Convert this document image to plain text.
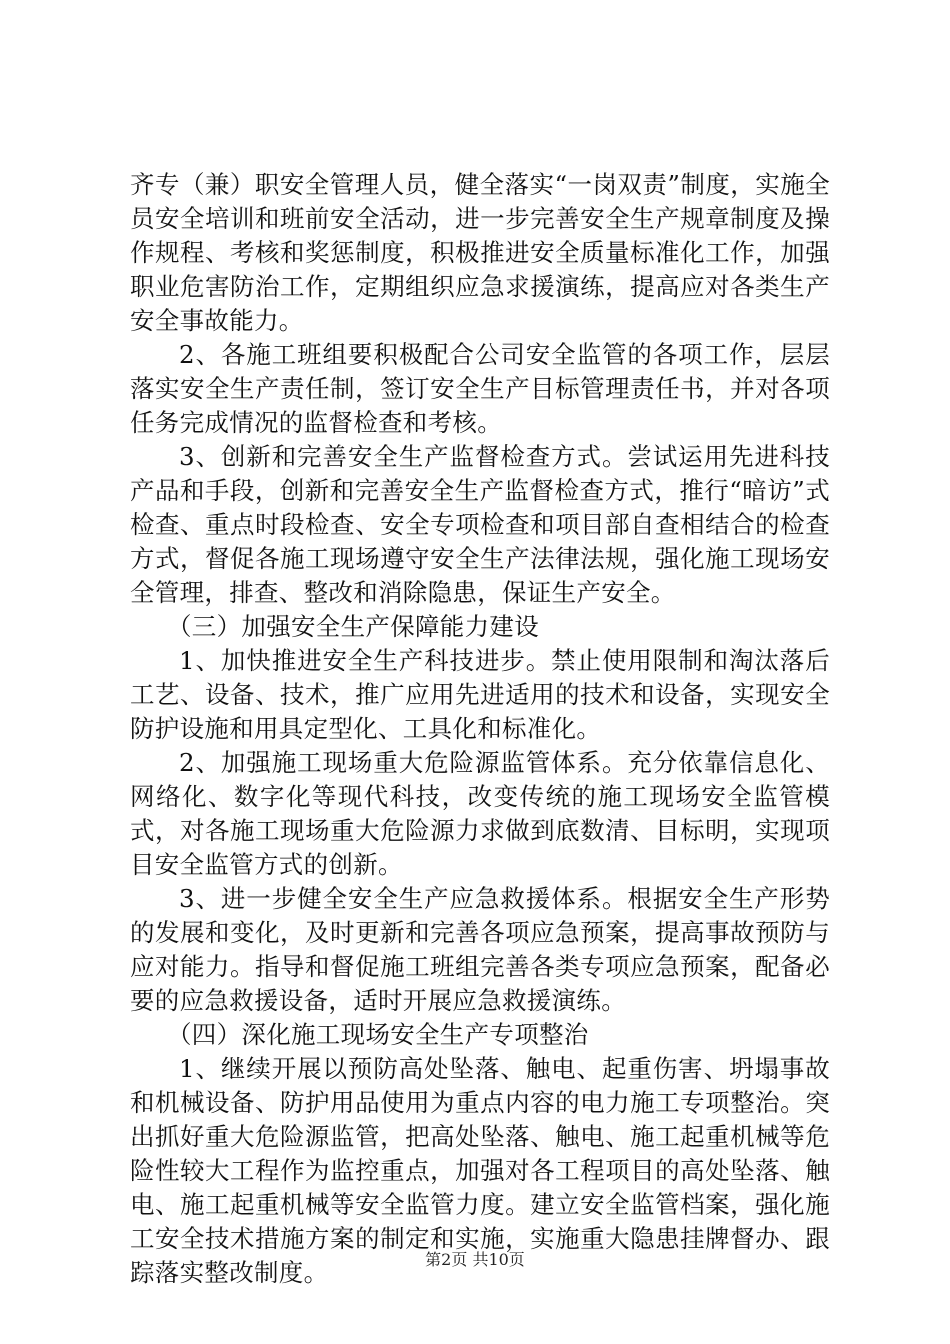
齐专（兼）职安全管理人员，健全落实“一岗双责”制度，实施全员安全培训和班前安全活动，进一步完善安全生产规章制度及操作规程、考核和奖惩制度，积极推进安全质量标准化工作，加强职业危害防治工作，定期组织应急求援演练，提高应对各类生产安全事故能力。

2、各施工班组要积极配合公司安全监管的各项工作，层层落实安全生产责任制，签订安全生产目标管理责任书，并对各项任务完成情况的监督检查和考核。

3、创新和完善安全生产监督检查方式。尝试运用先进科技产品和手段，创新和完善安全生产监督检查方式，推行“暗访”式检查、重点时段检查、安全专项检查和项目部自查相结合的检查方式，督促各施工现场遵守安全生产法律法规，强化施工现场安全管理，排查、整改和消除隐患，保证生产安全。

（三）加强安全生产保障能力建设

1、加快推进安全生产科技进步。禁止使用限制和淘汰落后工艺、设备、技术，推广应用先进适用的技术和设备，实现安全防护设施和用具定型化、工具化和标准化。

2、加强施工现场重大危险源监管体系。充分依靠信息化、网络化、数字化等现代科技，改变传统的施工现场安全监管模式，对各施工现场重大危险源力求做到底数清、目标明，实现项目安全监管方式的创新。

3、进一步健全安全生产应急救援体系。根据安全生产形势的发展和变化，及时更新和完善各项应急预案，提高事故预防与应对能力。指导和督促施工班组完善各类专项应急预案，配备必要的应急救援设备，适时开展应急救援演练。

（四）深化施工现场安全生产专项整治

1、继续开展以预防高处坠落、触电、起重伤害、坍塌事故和机械设备、防护用品使用为重点内容的电力施工专项整治。突出抓好重大危险源监管，把高处坠落、触电、施工起重机械等危险性较大工程作为监控重点，加强对各工程项目的高处坠落、触电、施工起重机械等安全监管力度。建立安全监管档案，强化施工安全技术措施方案的制定和实施，实施重大隐患挂牌督办、跟踪落实整改制度。	第2页 共10页
